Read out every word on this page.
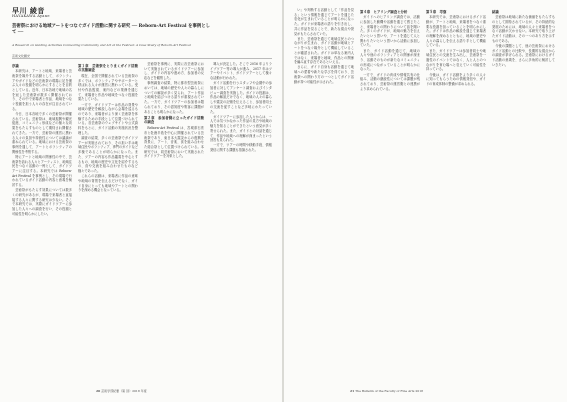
早川 綾音
HAYAKAWA Ayane
芸術祭における地域アートをつなぐガイド活動に関する研究 ── Reborn-Art Festival を事例として ──
A Research on Guiding Activities Connecting Community and Art at the Festival: A Case Study of Reborn-Art Festival
芸術文化観光
序論

本研究は、アートと地域、来場者と芸術祭を媒介する活動として、ボランティアやガイドなどの芸術祭の現場に足を運ぶ人々の役割を明らかにすることを目的としている。近年、日本各地で地域の名を冠した芸術祭が数多く開催されており、その中で来場者と作品、地域をつなぐ役割を担う人々の存在が注目されている。

今日、日本各地で多くの芸術祭が開催されている。芸術祭は、地域振興や観光促進、コミュニティ形成などの様々な効果をもたらすものとして期待され開催されてきた。一方で、芸術祭の運営に携わる人々の負担や持続性については議論が重ねられている。地域における芸術祭の事例を通して、アートとボランティアの関係性を考察する。

特にアートと地域の関係性の中で、芸術祭を訪れる人々とアーティスト、地域住民をつなぐ活動の一例として、ガイドツアーに注目する。本研究では Reborn-Art Festival を事例とし、その現場で行われているガイド活動の内容と意義を検討する。

芸術祭がもたらす効果については数多くの研究があるが、現場で来場者と直接接する人々に関する研究は少ない。そこで本研究では、実際にガイドツアーに参加した人々への調査を行い、その役割と可能性を明らかにしたい。

第１章　芸術祭をとりまくガイド活動の実態調査

現在、全国で開催されている芸術祭の多くでは、ボランティアやサポーターと呼ばれる人々が運営に携わっている。受付や作品監視、案内などの業務を通じて、来場者と作品や地域をつなぐ役割を果たしている。

一方で、ガイドツアーは作品の背景や地域の歴史を解説しながら会場を巡るものであり、来場者がより深く芸術祭を体験するための手段として位置づけられている。各芸術祭のウェブサイトや公式資料をもとに、ガイド活動の実施状況を整理した。

調査の結果、多くの芸術祭でガイドツアーが実施されており、その担い手は地域住民やボランティア、専門のガイドなど多様であることが明らかになった。また、ツアーの内容も作品鑑賞を中心とするもの、地域の歴史や文化を紹介するもの、食や交流を組み合わせたものなど様々であった。

これらの活動は、来場者に作品の意味や地域の背景を伝えるだけでなく、ガイド自身にとっても地域やアートとの関わりを深める機会となっている。

芸術祭を事例に、実際に各芸術祭において実施されているガイドツアーに参加し、ガイドの内容や進め方、参加者の反応などを観察した。

事例調査の結果、特に都市型芸術祭においては、地域の歴史や人々の暮らしについての解説が多く見られ、アート作品と地域を結びつける語りが重視されていた。一方で、ガイドツアーの参加者は限られており、その認知度や集客に課題があることも明らかになった。

第２章　参加者側に立ったガイド活動の調査

Reborn-Art Festival は、宮城県石巻市と牡鹿半島を中心に開催されている芸術祭であり、東日本大震災からの復興を背景に、アート、音楽、食を組み合わせた総合祭として位置づけられている。本研究では、同芸術祭において実施されたガイドツアーを対象とした。

導入が決定した。そこで 2016 年よりライブツアー等の導入が進み、2017 年はツアーやイベント、ガイドツアーとして様々な活動が行われた。

ガイド活動を行うスタッフや会期中の参加者に対してアンケート調査およびインタビュー調査を実施した。ガイドの役割は、作品の解説だけでなく、地域の人々の暮らしや震災の記憶を伝えること、参加者同士の交流を促すことなど多岐にわたっていた。

ガイドツアーに参加した人々からは、一人では気づかなかった作品の見方や地域の魅力を知ることができたという意見が多く寄せられた。また、ガイドとの対話を通じて、作品や地域への理解が深まったという回答も見られた。

一方で、ツアーの時間や移動手段、情報発信に関する課題も指摘された。

20 芸術学部紀要（第 回）2018 年度

い」や判断する活動として「作品を見る」という情報を通じてアートを通じた変化が生まれていることが明らかになった。ガイドが来場者の語りを引き出し、共に作品を見ることで、新たな視点や発見がもたらされていた。

また、芸術祭を通じて地域住民とのつながりが生まれ、ガイド活動が地域とアートをつなぐ媒介として機能していることが確認された。ガイドは単なる案内人ではなく、来場者と地域、作品との関係を編み直す存在であるといえる。

さらに、ガイド自身も活動を通じて地域への愛着や新たな学びを得ており、芸術祭への関わり方の一つとしてガイド活動が持つ可能性が示された。

第４章　ヒアリング調査と分析

ガイドへのヒアリング調査では、活動に参加した動機や活動を通じて感じたこと、来場者との関わりについて話を聞いた。多くのガイドが、地域の魅力を伝えたいという思いや、アートを通じて人と関わりたいという思いから活動に参加していた。

また、ガイド活動を通じて、地域の人々や他のボランティアとの関係が深まり、活動そのものが新たなコミュニティの形成につながっていることが明らかになった。

一方で、ガイドの育成や情報共有の仕組み、活動の継続性については課題が残されており、芸術祭の運営側との連携がより求められている。

第５章　考察

本研究では、芸術祭におけるガイド活動が、アートと地域、来場者をつなぐ重要な役割を担っていることを明らかにした。ガイドは作品の解説を通じて来場者の理解を深めるとともに、地域の歴史や人々の暮らしを伝える語り手として機能している。

また、ガイドツアーは参加者同士や地域住民との交流を生み出し、芸術祭を一過性のイベントではなく、人と人とのつながりを育む場へと変えていく可能性を持っている。

今後は、ガイド活動をより多くの人々に知ってもらうための情報発信や、ガイドの育成体制の整備が求められる。

結論

芸術祭は地域に新たな価値をもたらすものとして期待されているが、その持続的な発展のためには、地域の人々と来場者をつなぐ活動が欠かせない。本研究で取り上げたガイド活動は、その一つのあり方を示すものである。

今後の課題として、他の芸術祭におけるガイド活動との比較や、長期的な視点からの調査が挙げられる。芸術祭におけるガイド活動の意義を、さらに多角的に検討していきたい。

21 The Bulletin of the Faculty of Fine Arts 2018
